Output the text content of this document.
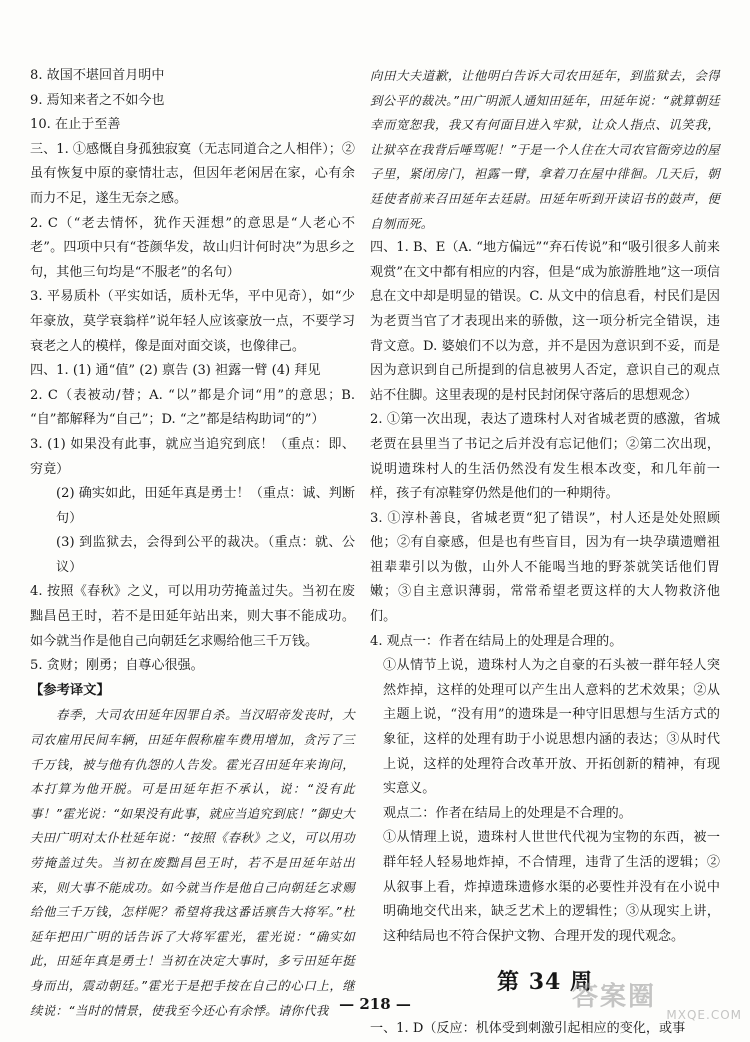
8. 故国不堪回首月明中

9. 焉知来者之不如今也

10. 在止于至善

三、1. ①感慨自身孤独寂寞（无志同道合之人相伴）；②虽有恢复中原的豪情壮志，但因年老闲居在家，心有余而力不足，遂生无奈之感。

2. C（“老去情怀，犹作天涯想”的意思是“人老心不老”。四项中只有“苍颜华发，故山归计何时决”为思乡之句，其他三句均是“不服老”的名句）

3. 平易质朴（平实如话，质朴无华，平中见奇），如“少年豪放，莫学衰翁样”说年轻人应该豪放一点，不要学习衰老之人的模样，像是面对面交谈，也像律己。

四、1. (1) 通“值” (2) 禀告 (3) 袒露一臂 (4) 拜见

2. C（表被动/替；A. “以”都是介词“用”的意思；B. “自”都解释为“自己”；D. “之”都是结构助词“的”）

3. (1) 如果没有此事，就应当追究到底！（重点：即、穷竟）

(2) 确实如此，田延年真是勇士！（重点：诚、判断句）

(3) 到监狱去，会得到公平的裁决。（重点：就、公议）

4. 按照《春秋》之义，可以用功劳掩盖过失。当初在废黜昌邑王时，若不是田延年站出来，则大事不能成功。如今就当作是他自己向朝廷乞求赐给他三千万钱。

5. 贪财；刚勇；自尊心很强。

【参考译文】

春季，大司农田延年因罪自杀。当汉昭帝发丧时，大司农雇用民间车辆，田延年假称雇车费用增加，贪污了三千万钱，被与他有仇怨的人告发。霍光召田延年来询问，本打算为他开脱。可是田延年拒不承认，说：“没有此事！”霍光说：“如果没有此事，就应当追究到底！”御史大夫田广明对太仆杜延年说：“按照《春秋》之义，可以用功劳掩盖过失。当初在废黜昌邑王时，若不是田延年站出来，则大事不能成功。如今就当作是他自己向朝廷乞求赐给他三千万钱，怎样呢？希望将我这番话禀告大将军。”杜延年把田广明的话告诉了大将军霍光，霍光说：“确实如此，田延年真是勇士！当初在决定大事时，多亏田延年挺身而出，震动朝廷。”霍光于是把手按在自己的心口上，继续说：“当时的情景，使我至今还心有余悸。请你代我

向田大夫道歉，让他明白告诉大司农田延年，到监狱去，会得到公平的裁决。”田广明派人通知田延年，田延年说：“就算朝廷幸而宽恕我，我又有何面目进入牢狱，让众人指点、讥笑我，让狱卒在我背后唾骂呢！”于是一个人住在大司农官衙旁边的屋子里，紧闭房门，袒露一臂，拿着刀在屋中徘徊。几天后，朝廷使者前来召田延年去廷尉。田延年听到开读诏书的鼓声，便自刎而死。

四、1. B、E（A. “地方偏远”“弃石传说”和“吸引很多人前来观赏”在文中都有相应的内容，但是“成为旅游胜地”这一项信息在文中却是明显的错误。C. 从文中的信息看，村民们是因为老贾当官了才表现出来的骄傲，这一项分析完全错误，违背文意。D. 婆娘们不以为意，并不是因为意识到不妥，而是因为意识到自己所提到的信息被男人否定，意识自己的观点站不住脚。这里表现的是村民封闭保守落后的思想观念）

2. ①第一次出现，表达了遗珠村人对省城老贾的感激，省城老贾在县里当了书记之后并没有忘记他们；②第二次出现，说明遗珠村人的生活仍然没有发生根本改变，和几年前一样，孩子有凉鞋穿仍然是他们的一种期待。

3. ①淳朴善良，省城老贾“犯了错误”，村人还是处处照顾他；②有自豪感，但是也有些盲目，因为有一块孕璜遗赠祖祖辈辈引以为傲，山外人不能喝当地的野茶就笑话他们胃嫩；③自主意识薄弱，常常希望老贾这样的大人物救济他们。

4. 观点一：作者在结局上的处理是合理的。

①从情节上说，遗珠村人为之自豪的石头被一群年轻人突然炸掉，这样的处理可以产生出人意料的艺术效果；②从主题上说，“没有用”的遗珠是一种守旧思想与生活方式的象征，这样的处理有助于小说思想内涵的表达；③从时代上说，这样的处理符合改革开放、开拓创新的精神，有现实意义。

观点二：作者在结局上的处理是不合理的。

①从情理上说，遗珠村人世世代代视为宝物的东西，被一群年轻人轻易地炸掉，不合情理，违背了生活的逻辑；②从叙事上看，炸掉遗珠遗修水渠的必要性并没有在小说中明确地交代出来，缺乏艺术上的逻辑性；③从现实上讲，这种结局也不符合保护文物、合理开发的现代观念。

第 34 周

一、1. D（反应：机体受到刺激引起相应的变化，或事

— 218 —	答案圈
MXQE.COM
